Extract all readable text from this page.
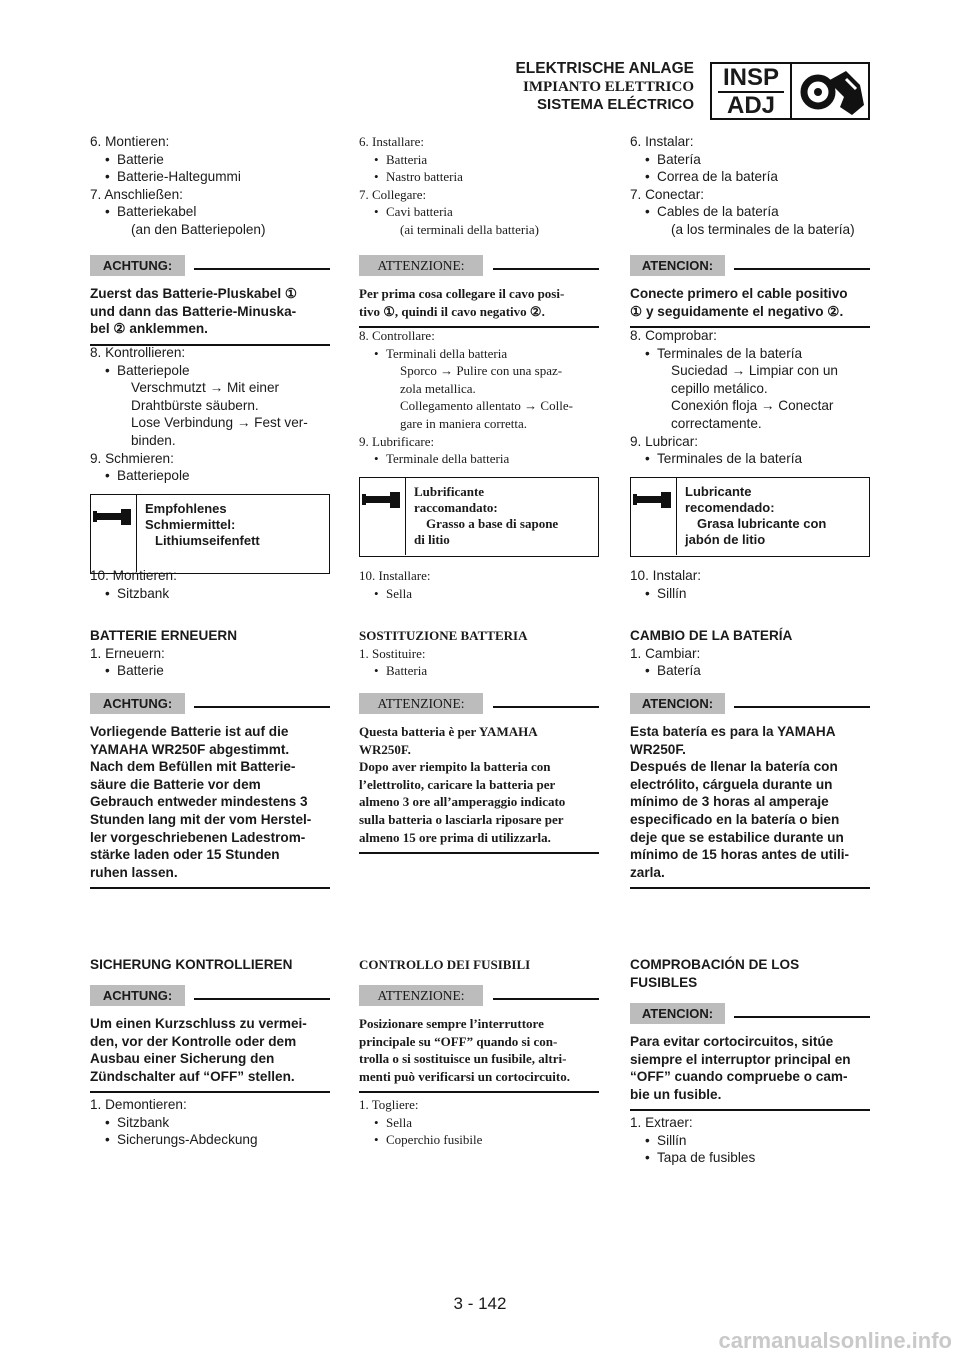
ELEKTRISCHE ANLAGE
IMPIANTO ELETTRICO
SISTEMA ELÉCTRICO
INSP
ADJ
6. Montieren:
• Batterie
• Batterie-Haltegummi
7. Anschließen:
• Batteriekabel
(an den Batteriepolen)
ACHTUNG:
Zuerst das Batterie-Pluskabel ①
und dann das Batterie-Minuska-
bel ② anklemmen.
8. Kontrollieren:
• Batteriepole
Verschmutzt → Mit einer
Drahtbürste säubern.
Lose Verbindung → Fest ver-
binden.
9. Schmieren:
• Batteriepole
Empfohlenes
Schmiermittel:
Lithiumseifenfett
10. Montieren:
• Sitzbank
BATTERIE ERNEUERN
1. Erneuern:
• Batterie
ACHTUNG:
Vorliegende Batterie ist auf die
YAMAHA WR250F abgestimmt.
Nach dem Befüllen mit Batterie-
säure die Batterie vor dem
Gebrauch entweder mindestens 3
Stunden lang mit der vom Herstel-
ler vorgeschriebenen Ladestrom-
stärke laden oder 15 Stunden
ruhen lassen.
SICHERUNG KONTROLLIEREN
ACHTUNG:
Um einen Kurzschluss zu vermei-
den, vor der Kontrolle oder dem
Ausbau einer Sicherung den
Zündschalter auf “OFF” stellen.
1. Demontieren:
• Sitzbank
• Sicherungs-Abdeckung
6. Installare:
• Batteria
• Nastro batteria
7. Collegare:
• Cavi batteria
(ai terminali della batteria)
ATTENZIONE:
Per prima cosa collegare il cavo posi-
tivo ①, quindi il cavo negativo ②.
8. Controllare:
• Terminali della batteria
Sporco → Pulire con una spaz-
zola metallica.
Collegamento allentato → Colle-
gare in maniera corretta.
9. Lubrificare:
• Terminale della batteria
Lubrificante
raccomandato:
Grasso a base di sapone
di litio
10. Installare:
• Sella
SOSTITUZIONE BATTERIA
1. Sostituire:
• Batteria
ATTENZIONE:
Questa batteria è per YAMAHA
WR250F.
Dopo aver riempito la batteria con
l’elettrolito, caricare la batteria per
almeno 3 ore all’amperaggio indicato
sulla batteria o lasciarla riposare per
almeno 15 ore prima di utilizzarla.
CONTROLLO DEI FUSIBILI
ATTENZIONE:
Posizionare sempre l’interruttore
principale su “OFF” quando si con-
trolla o si sostituisce un fusibile, altri-
menti può verificarsi un cortocircuito.
1. Togliere:
• Sella
• Coperchio fusibile
6. Instalar:
• Batería
• Correa de la batería
7. Conectar:
• Cables de la batería
(a los terminales de la batería)
ATENCION:
Conecte primero el cable positivo
① y seguidamente el negativo ②.
8. Comprobar:
• Terminales de la batería
Suciedad → Limpiar con un
cepillo metálico.
Conexión floja → Conectar
correctamente.
9. Lubricar:
• Terminales de la batería
Lubricante
recomendado:
Grasa lubricante con
jabón de litio
10. Instalar:
• Sillín
CAMBIO DE LA BATERÍA
1. Cambiar:
• Batería
ATENCION:
Esta batería es para la YAMAHA
WR250F.
Después de llenar la batería con
electrólito, cárguela durante un
mínimo de 3 horas al amperaje
especificado en la batería o bien
deje que se estabilice durante un
mínimo de 15 horas antes de utili-
zarla.
COMPROBACIÓN DE LOS
FUSIBLES
ATENCION:
Para evitar cortocircuitos, sitúe
siempre el interruptor principal en
“OFF” cuando compruebe o cam-
bie un fusible.
1. Extraer:
• Sillín
• Tapa de fusibles
3 - 142
carmanualsonline.info
